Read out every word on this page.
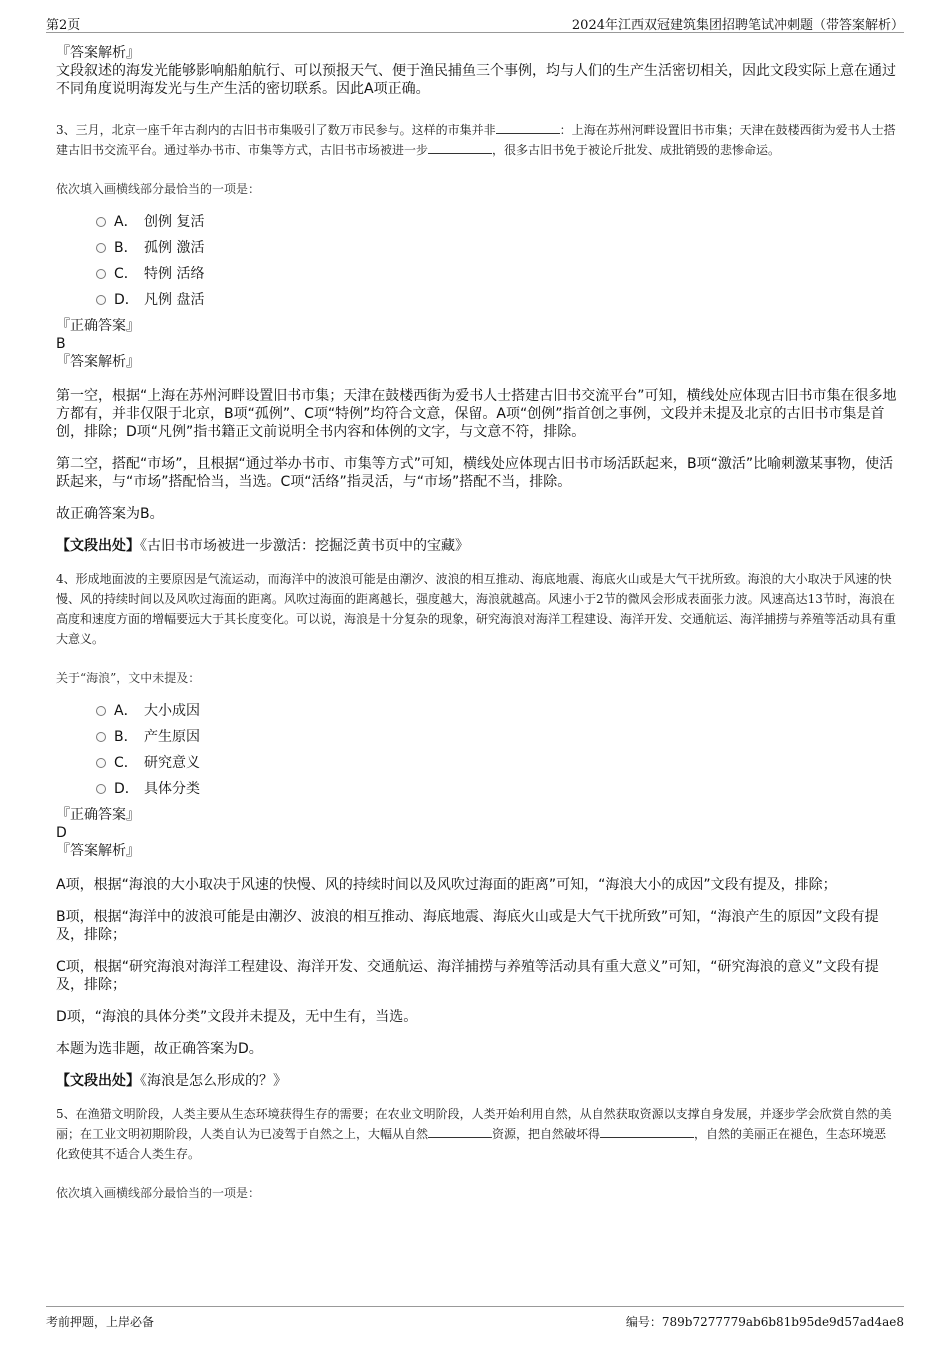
第2页	2024年江西双冠建筑集团招聘笔试冲刺题（带答案解析）
『答案解析』
文段叙述的海发光能够影响船舶航行、可以预报天气、便于渔民捕鱼三个事例，均与人们的生产生活密切相关，因此文段实际上意在通过不同角度说明海发光与生产生活的密切联系。因此A项正确。
3、三月，北京一座千年古刹内的古旧书市集吸引了数万市民参与。这样的市集并非	：上海在苏州河畔设置旧书市集；天津在鼓楼西街为爱书人士搭建古旧书交流平台。通过举办书市、市集等方式，古旧书市场被进一步	，很多古旧书免于被论斤批发、成批销毁的悲惨命运。
依次填入画横线部分最恰当的一项是：
A． 创例 复活
B． 孤例 激活
C． 特例 活络
D． 凡例 盘活
『正确答案』
B
『答案解析』
第一空，根据“上海在苏州河畔设置旧书市集；天津在鼓楼西街为爱书人士搭建古旧书交流平台”可知，横线处应体现古旧书市集在很多地方都有，并非仅限于北京，B项“孤例”、C项“特例”均符合文意，保留。A项“创例”指首创之事例，文段并未提及北京的古旧书市集是首创，排除；D项“凡例”指书籍正文前说明全书内容和体例的文字，与文意不符，排除。
第二空，搭配“市场”，且根据“通过举办书市、市集等方式”可知，横线处应体现古旧书市场活跃起来，B项“激活”比喻刺激某事物，使活跃起来，与“市场”搭配恰当，当选。C项“活络”指灵活，与“市场”搭配不当，排除。
故正确答案为B。
【文段出处】《古旧书市场被进一步激活：挖掘泛黄书页中的宝藏》
4、形成地面波的主要原因是气流运动，而海洋中的波浪可能是由潮汐、波浪的相互推动、海底地震、海底火山或是大气干扰所致。海浪的大小取决于风速的快慢、风的持续时间以及风吹过海面的距离。风吹过海面的距离越长，强度越大，海浪就越高。风速小于2节的微风会形成表面张力波。风速高达13节时，海浪在高度和速度方面的增幅要远大于其长度变化。可以说，海浪是十分复杂的现象，研究海浪对海洋工程建设、海洋开发、交通航运、海洋捕捞与养殖等活动具有重大意义。
关于“海浪”，文中未提及：
A． 大小成因
B． 产生原因
C． 研究意义
D． 具体分类
『正确答案』
D
『答案解析』
A项，根据“海浪的大小取决于风速的快慢、风的持续时间以及风吹过海面的距离”可知，“海浪大小的成因”文段有提及，排除；
B项，根据“海洋中的波浪可能是由潮汐、波浪的相互推动、海底地震、海底火山或是大气干扰所致”可知，“海浪产生的原因”文段有提及，排除；
C项，根据“研究海浪对海洋工程建设、海洋开发、交通航运、海洋捕捞与养殖等活动具有重大意义”可知，“研究海浪的意义”文段有提及，排除；
D项，“海浪的具体分类”文段并未提及，无中生有，当选。
本题为选非题，故正确答案为D。
【文段出处】《海浪是怎么形成的？》
5、在渔猎文明阶段，人类主要从生态环境获得生存的需要；在农业文明阶段，人类开始利用自然，从自然获取资源以支撑自身发展，并逐步学会欣赏自然的美丽；在工业文明初期阶段，人类自认为已凌驾于自然之上，大幅从自然	资源，把自然破坏得	，自然的美丽正在褪色，生态环境恶化致使其不适合人类生存。
依次填入画横线部分最恰当的一项是：
考前押题，上岸必备	编号：789b7277779ab6b81b95de9d57ad4ae8
